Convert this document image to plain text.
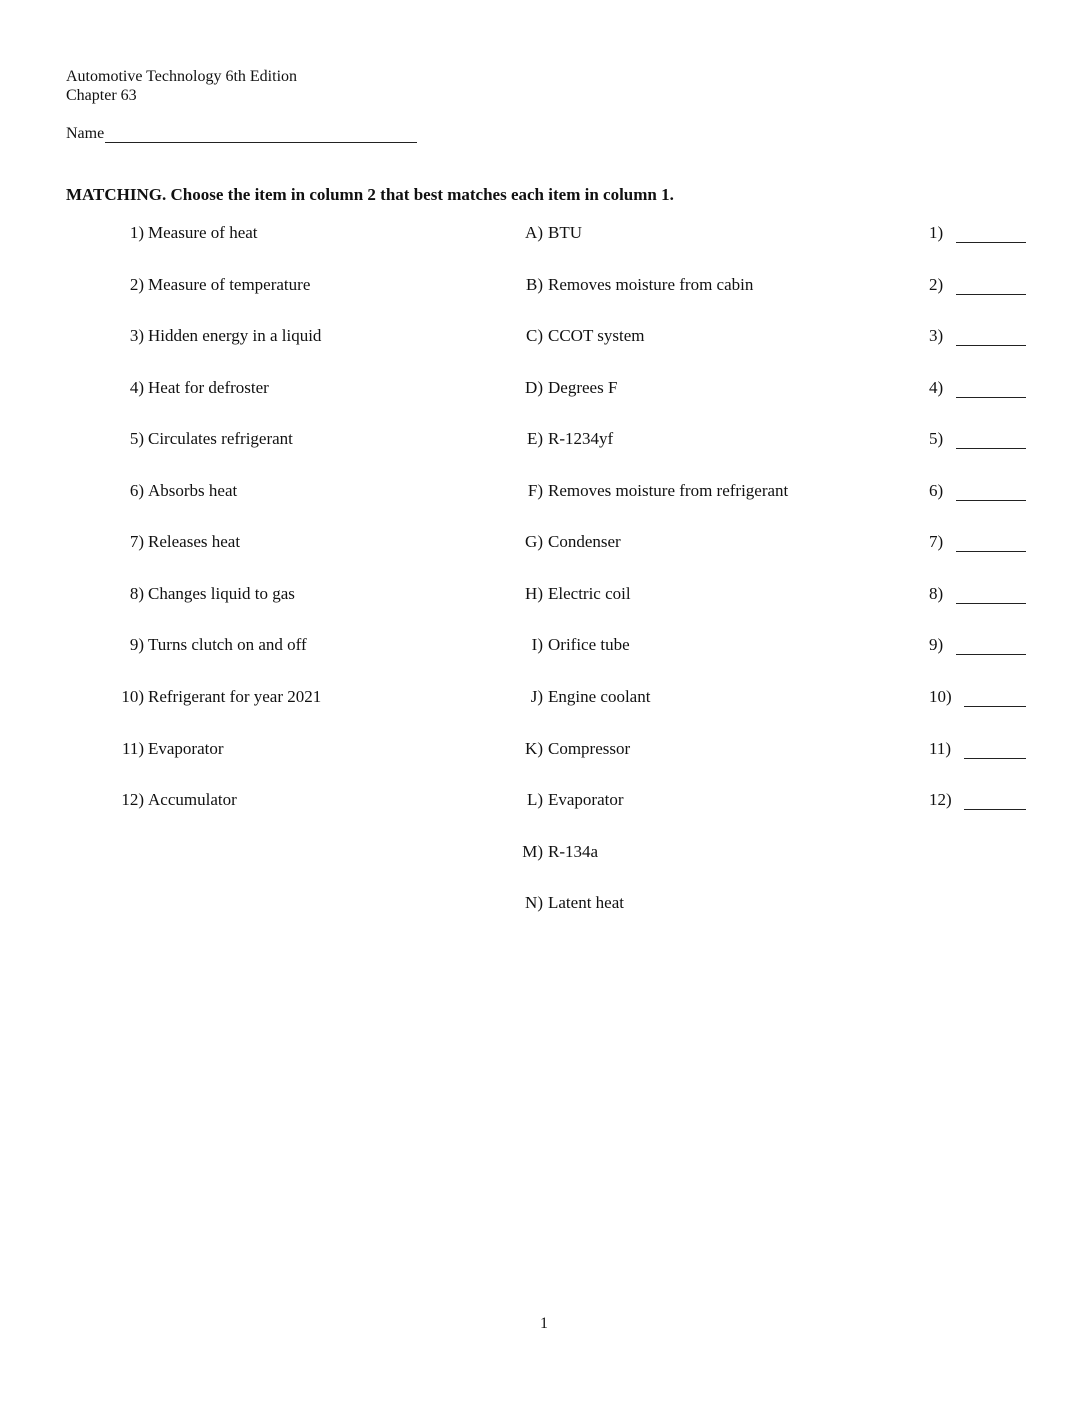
Automotive Technology 6th Edition
Chapter 63
Name
MATCHING. Choose the item in column 2 that best matches each item in column 1.
1) Measure of heat	A) BTU	1)
2) Measure of temperature	B) Removes moisture from cabin	2)
3) Hidden energy in a liquid	C) CCOT system	3)
4) Heat for defroster	D) Degrees F	4)
5) Circulates refrigerant	E) R-1234yf	5)
6) Absorbs heat	F) Removes moisture from refrigerant	6)
7) Releases heat	G) Condenser	7)
8) Changes liquid to gas	H) Electric coil	8)
9) Turns clutch on and off	I) Orifice tube	9)
10) Refrigerant for year 2021	J) Engine coolant	10)
11) Evaporator	K) Compressor	11)
12) Accumulator	L) Evaporator	12)
M) R-134a
N) Latent heat
1
